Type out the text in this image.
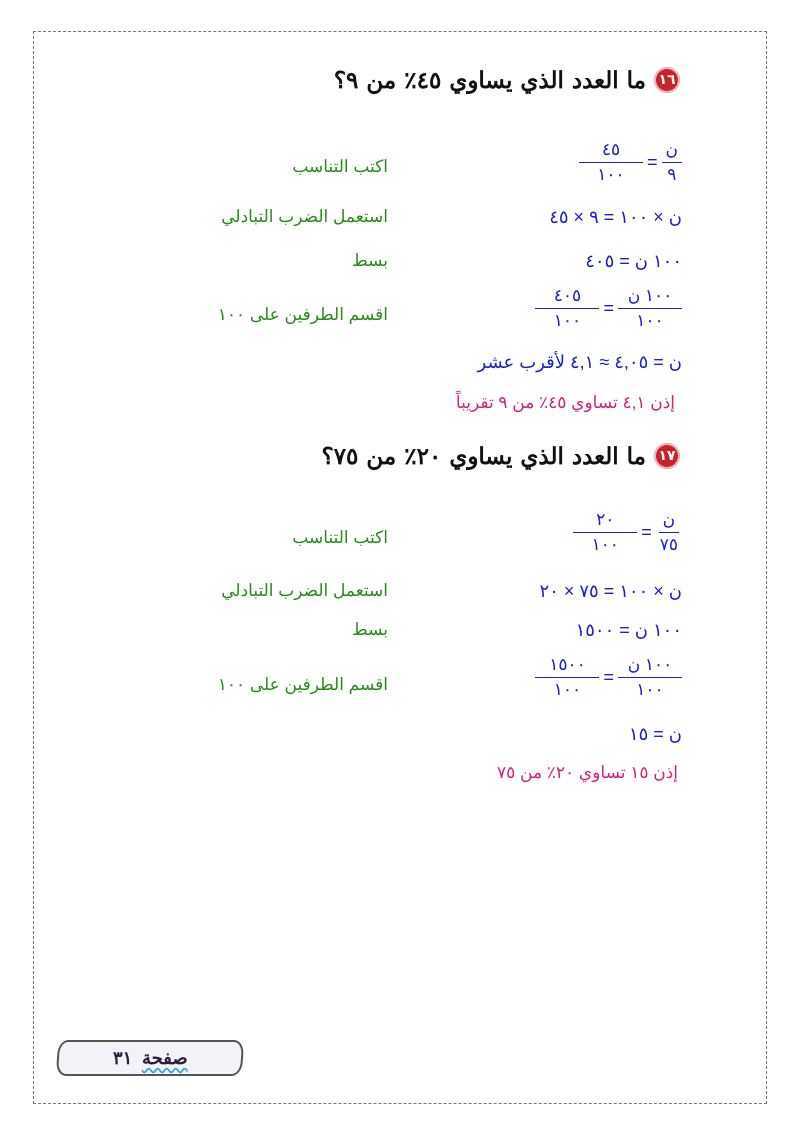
١٦
ما العدد الذي يساوي ٤٥٪ من ٩؟
$\frac{\text{ن}}{٩}$
=
$\frac{٤٥}{١٠٠}$
اكتب التناسب
ن × ١٠٠ = ٩ × ٤٥
استعمل الضرب التبادلي
١٠٠ ن = ٤٠٥
بسط
$\frac{\text{١٠٠ ن}}{١٠٠}$
=
$\frac{٤٠٥}{١٠٠}$
اقسم الطرفين على ١٠٠
ن = ٤,٠٥ ≈ ٤,١ لأقرب عشر
إذن ٤,١ تساوي ٤٥٪ من ٩ تقريباً
١٧
ما العدد الذي يساوي ٢٠٪ من ٧٥؟
$\frac{\text{ن}}{٧٥}$
=
$\frac{٢٠}{١٠٠}$
اكتب التناسب
ن × ١٠٠ = ٧٥ × ٢٠
استعمل الضرب التبادلي
١٠٠ ن = ١٥٠٠
بسط
$\frac{\text{١٠٠ ن}}{١٠٠}$
=
$\frac{١٥٠٠}{١٠٠}$
اقسم الطرفين على ١٠٠
ن = ١٥
إذن ١٥ تساوي ٢٠٪ من ٧٥
صفحة
٣١
